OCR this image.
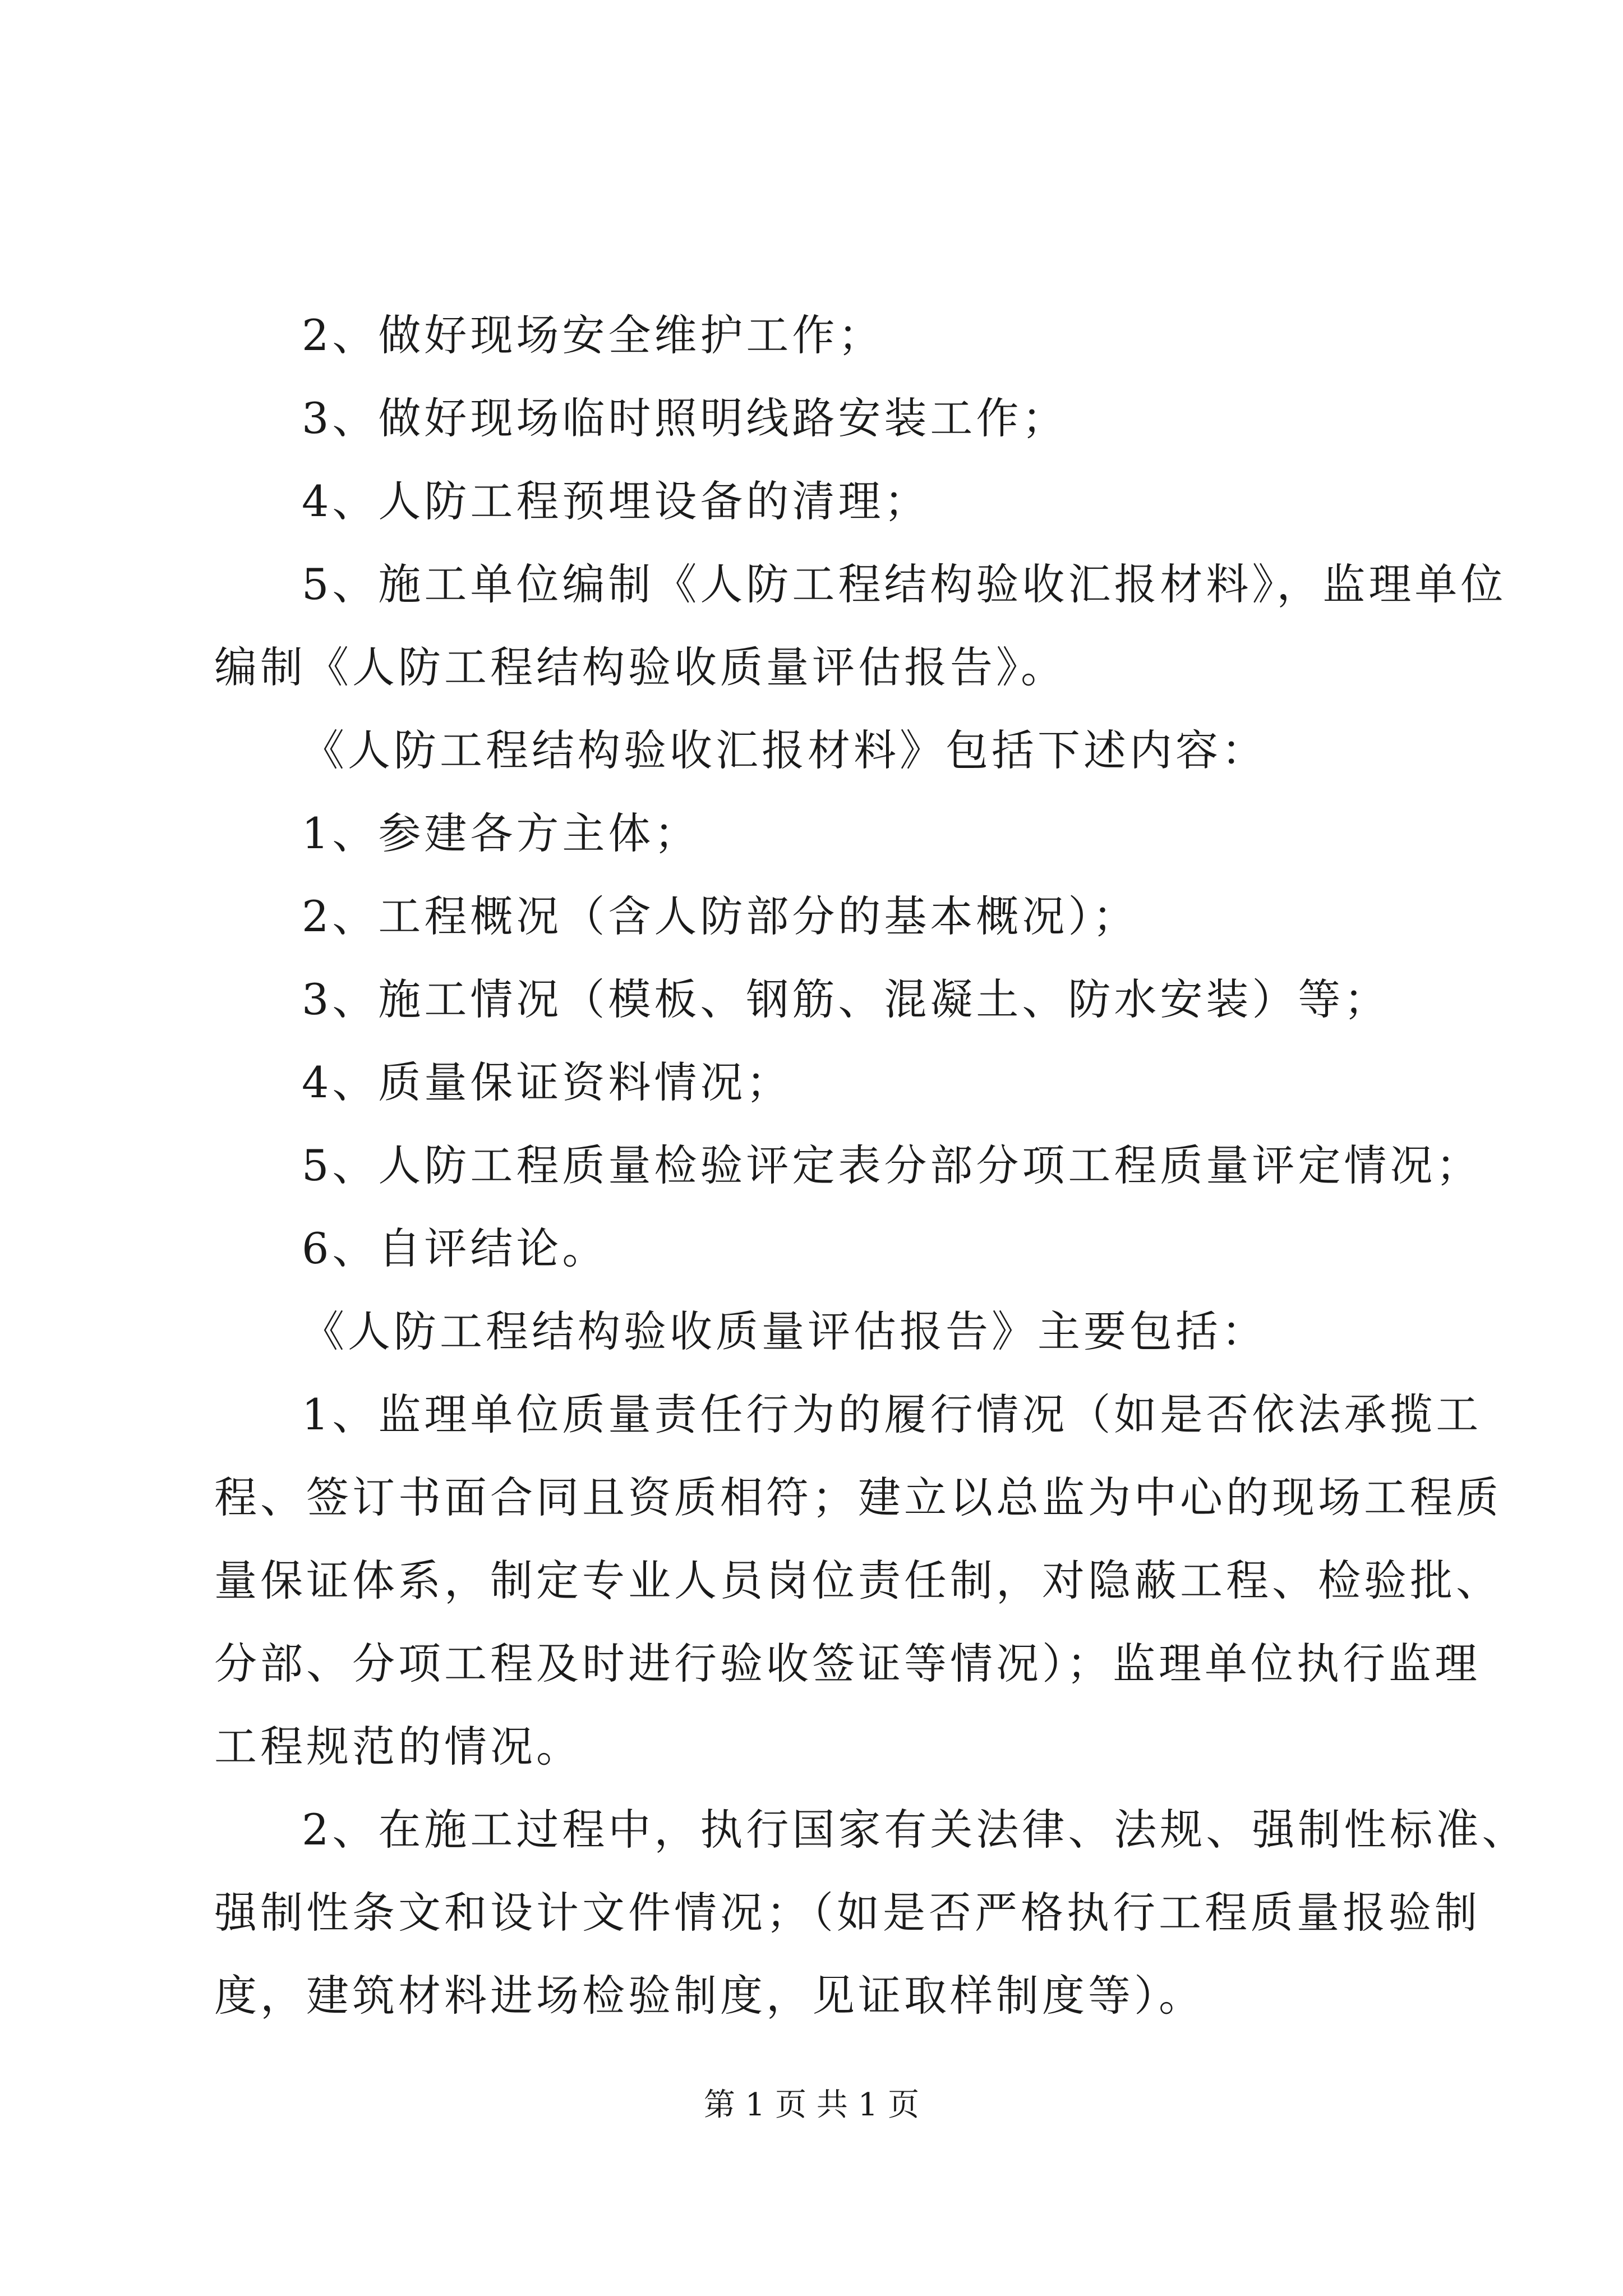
2、做好现场安全维护工作；
3、做好现场临时照明线路安装工作；
4、人防工程预埋设备的清理；
5、施工单位编制《人防工程结构验收汇报材料》，监理单位
编制《人防工程结构验收质量评估报告》。
《人防工程结构验收汇报材料》包括下述内容：
1、参建各方主体；
2、工程概况（含人防部分的基本概况）；
3、施工情况（模板、钢筋、混凝土、防水安装）等；
4、质量保证资料情况；
5、人防工程质量检验评定表分部分项工程质量评定情况；
6、自评结论。
《人防工程结构验收质量评估报告》主要包括：
1、监理单位质量责任行为的履行情况（如是否依法承揽工
程、签订书面合同且资质相符；建立以总监为中心的现场工程质
量保证体系，制定专业人员岗位责任制，对隐蔽工程、检验批、
分部、分项工程及时进行验收签证等情况）；监理单位执行监理
工程规范的情况。
2、在施工过程中，执行国家有关法律、法规、强制性标准、
强制性条文和设计文件情况；（如是否严格执行工程质量报验制
度，建筑材料进场检验制度，见证取样制度等）。
第 1 页 共 1 页
